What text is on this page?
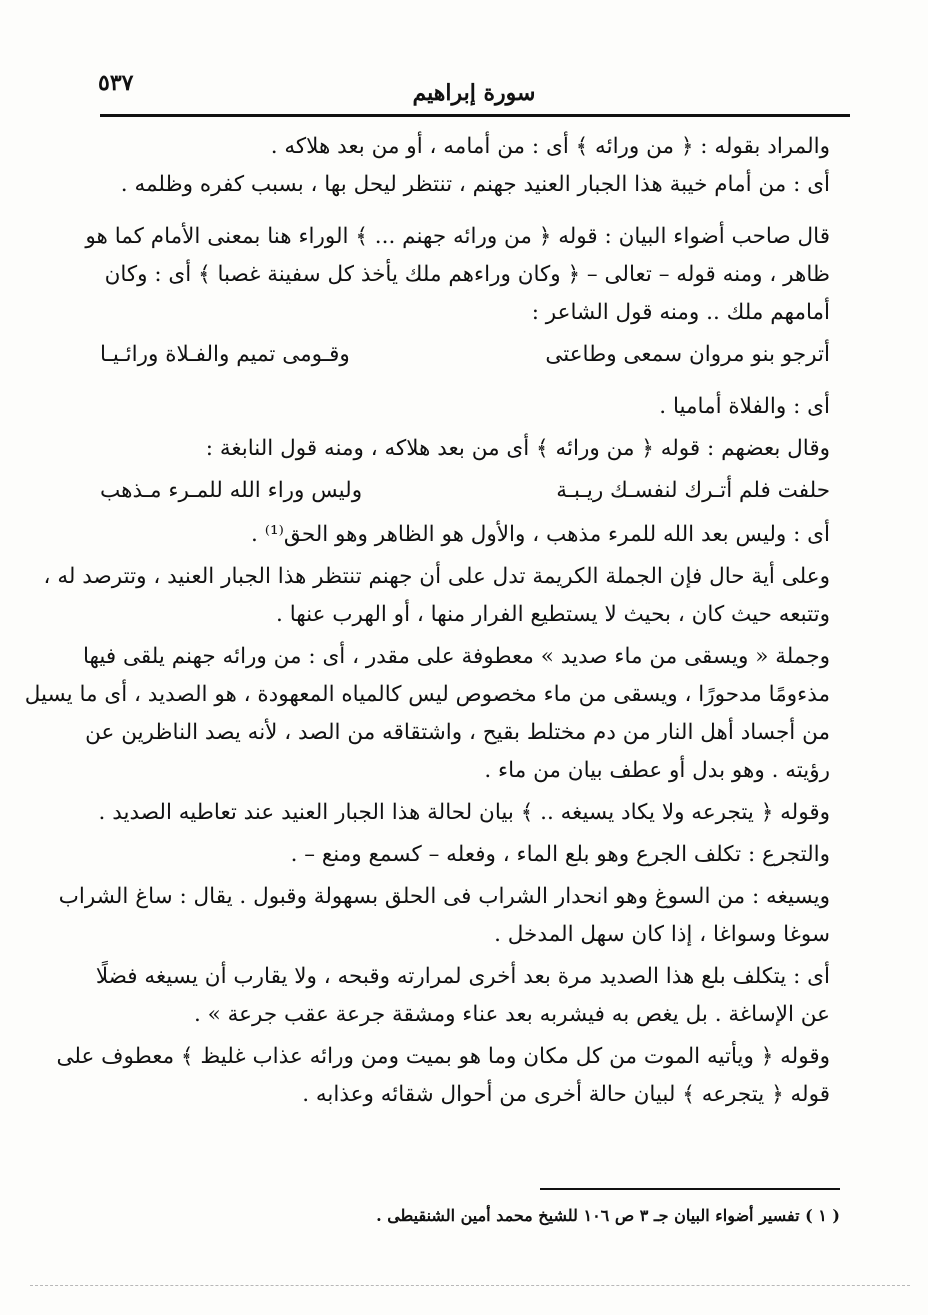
٥٣٧	سورة إبراهيم
والمراد بقوله : ﴿ من ورائه ﴾ أى : من أمامه ، أو من بعد هلاكه .
أى : من أمام خيبة هذا الجبار العنيد جهنم ، تنتظر ليحل بها ، بسبب كفره وظلمه .
قال صاحب أضواء البيان : قوله ﴿ من ورائه جهنم ... ﴾ الوراء هنا بمعنى الأمام كما هو
ظاهر ، ومنه قوله – تعالى – ﴿ وكان وراءهم ملك يأخذ كل سفينة غصبا ﴾ أى : وكان
أمامهم ملك .. ومنه قول الشاعر :
أترجو بنو مروان سمعى وطاعتى
وقـومى تميم والفـلاة ورائـيـا
أى : والفلاة أماميا .
وقال بعضهم : قوله ﴿ من ورائه ﴾ أى من بعد هلاكه ، ومنه قول النابغة :
حلفت فلم أتـرك لنفسـك ريـبـة
وليس وراء الله للمـرء مـذهب
أى : وليس بعد الله للمرء مذهب ، والأول هو الظاهر وهو الحق⁽¹⁾ .
وعلى أية حال فإن الجملة الكريمة تدل على أن جهنم تنتظر هذا الجبار العنيد ، وتترصد له ،
وتتبعه حيث كان ، بحيث لا يستطيع الفرار منها ، أو الهرب عنها .
وجملة « ويسقى من ماء صديد » معطوفة على مقدر ، أى : من ورائه جهنم يلقى فيها
مذءومًا مدحورًا ، ويسقى من ماء مخصوص ليس كالمياه المعهودة ، هو الصديد ، أى ما يسيل
من أجساد أهل النار من دم مختلط بقيح ، واشتقاقه من الصد ، لأنه يصد الناظرين عن
رؤيته . وهو بدل أو عطف بيان من ماء .
وقوله ﴿ يتجرعه ولا يكاد يسيغه .. ﴾ بيان لحالة هذا الجبار العنيد عند تعاطيه الصديد .
والتجرع : تكلف الجرع وهو بلع الماء ، وفعله – كسمع ومنع – .
ويسيغه : من السوغ وهو انحدار الشراب فى الحلق بسهولة وقبول . يقال : ساغ الشراب
سوغا وسواغا ، إذا كان سهل المدخل .
أى : يتكلف بلع هذا الصديد مرة بعد أخرى لمرارته وقبحه ، ولا يقارب أن يسيغه فضلًا
عن الإساغة . بل يغص به فيشربه بعد عناء ومشقة جرعة عقب جرعة » .
وقوله ﴿ ويأتيه الموت من كل مكان وما هو بميت ومن ورائه عذاب غليظ ﴾ معطوف على
قوله ﴿ يتجرعه ﴾ لبيان حالة أخرى من أحوال شقائه وعذابه .
( ١ ) تفسير أضواء البيان جـ ٣ ص ١٠٦ للشيخ محمد أمين الشنقيطى .
